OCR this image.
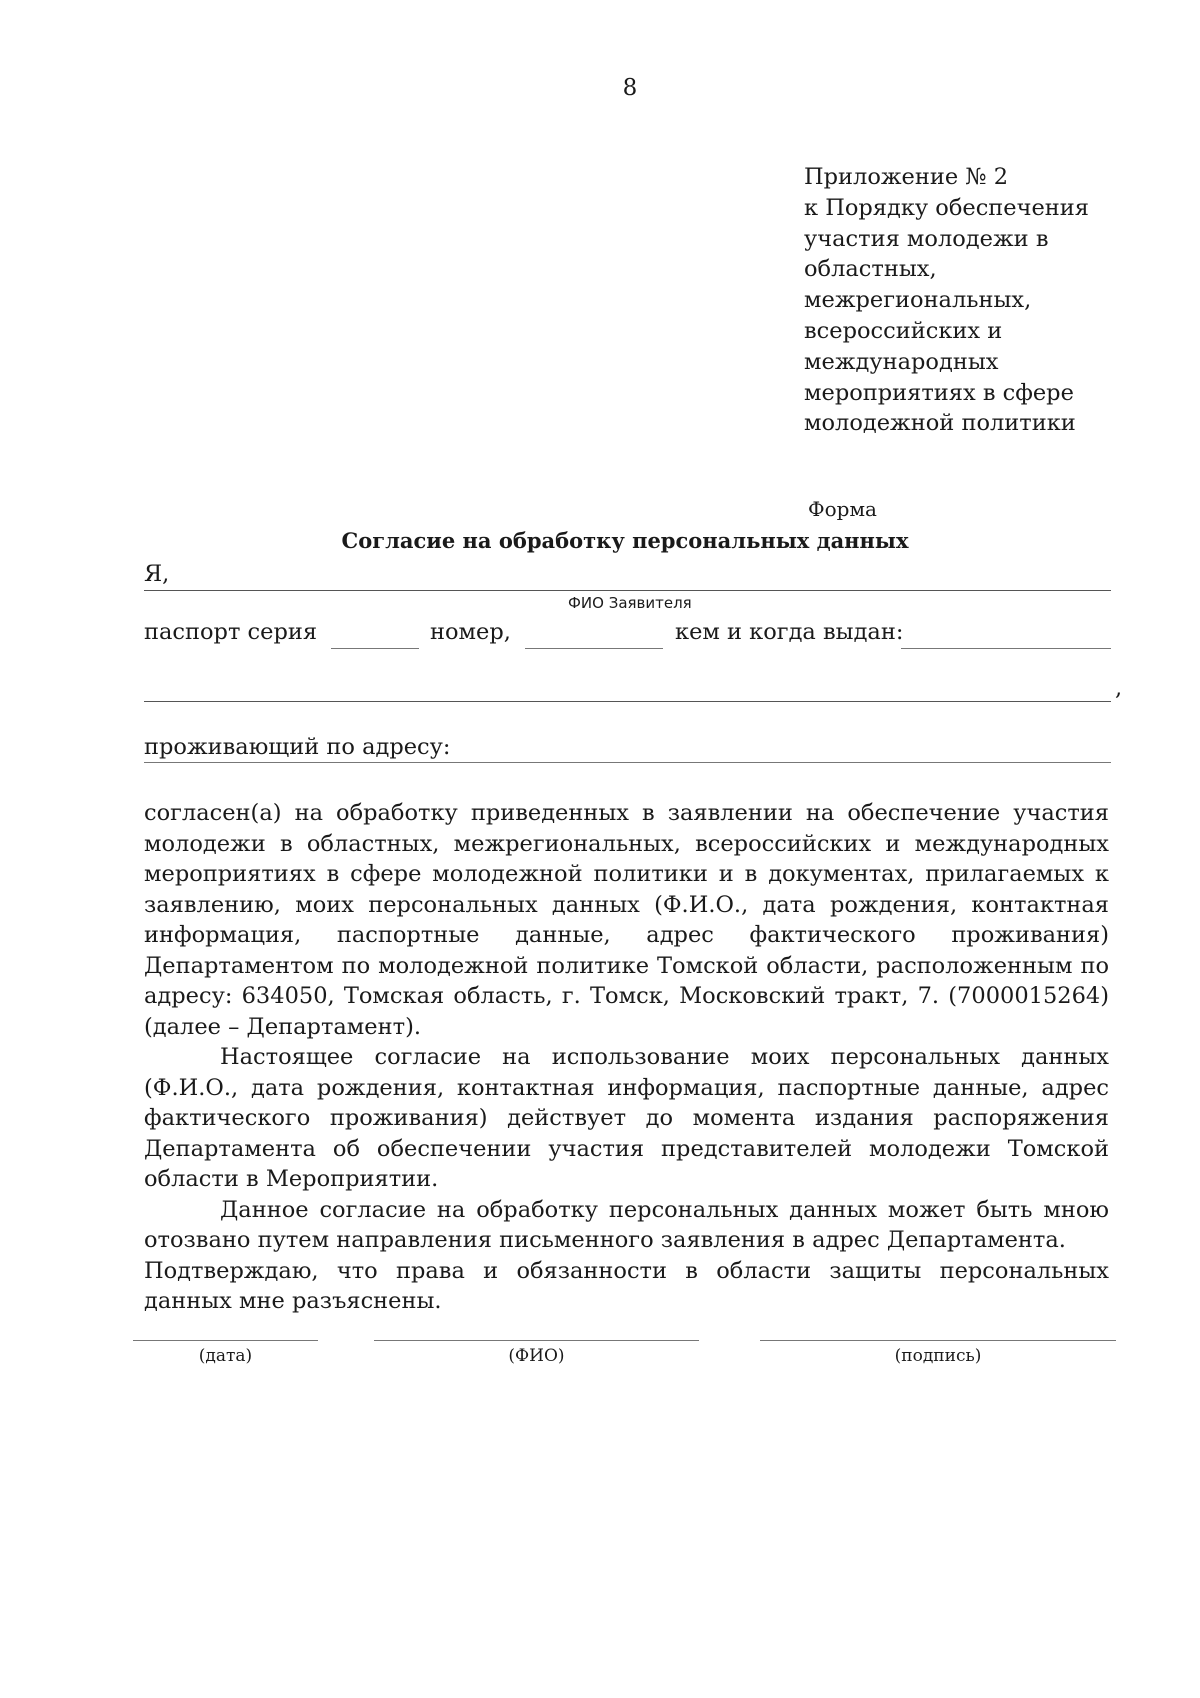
8
Приложение № 2
к Порядку обеспечения
участия молодежи в
областных,
межрегиональных,
всероссийских и
международных
мероприятиях в сфере
молодежной политики
Форма
Согласие на обработку персональных данных
Я,
ФИО Заявителя
паспорт серия	номер,	кем и когда выдан:
,
проживающий по адресу:

согласен(а) на обработку приведенных в заявлении на обеспечение участия молодежи в областных, межрегиональных, всероссийских и международных мероприятиях в сфере молодежной политики и в документах, прилагаемых к заявлению, моих персональных данных (Ф.И.О., дата рождения, контактная информация, паспортные данные, адрес фактического проживания) Департаментом по молодежной политике Томской области, расположенным по адресу: 634050, Томская область, г. Томск, Московский тракт, 7. (7000015264) (далее – Департамент).

Настоящее согласие на использование моих персональных данных (Ф.И.О., дата рождения, контактная информация, паспортные данные, адрес фактического проживания) действует до момента издания распоряжения Департамента об обеспечении участия представителей молодежи Томской области в Мероприятии.

Данное согласие на обработку персональных данных может быть мною отозвано путем направления письменного заявления в адрес Департамента.

Подтверждаю, что права и обязанности в области защиты персональных данных мне разъяснены.

(дата)	(ФИО)	(подпись)
